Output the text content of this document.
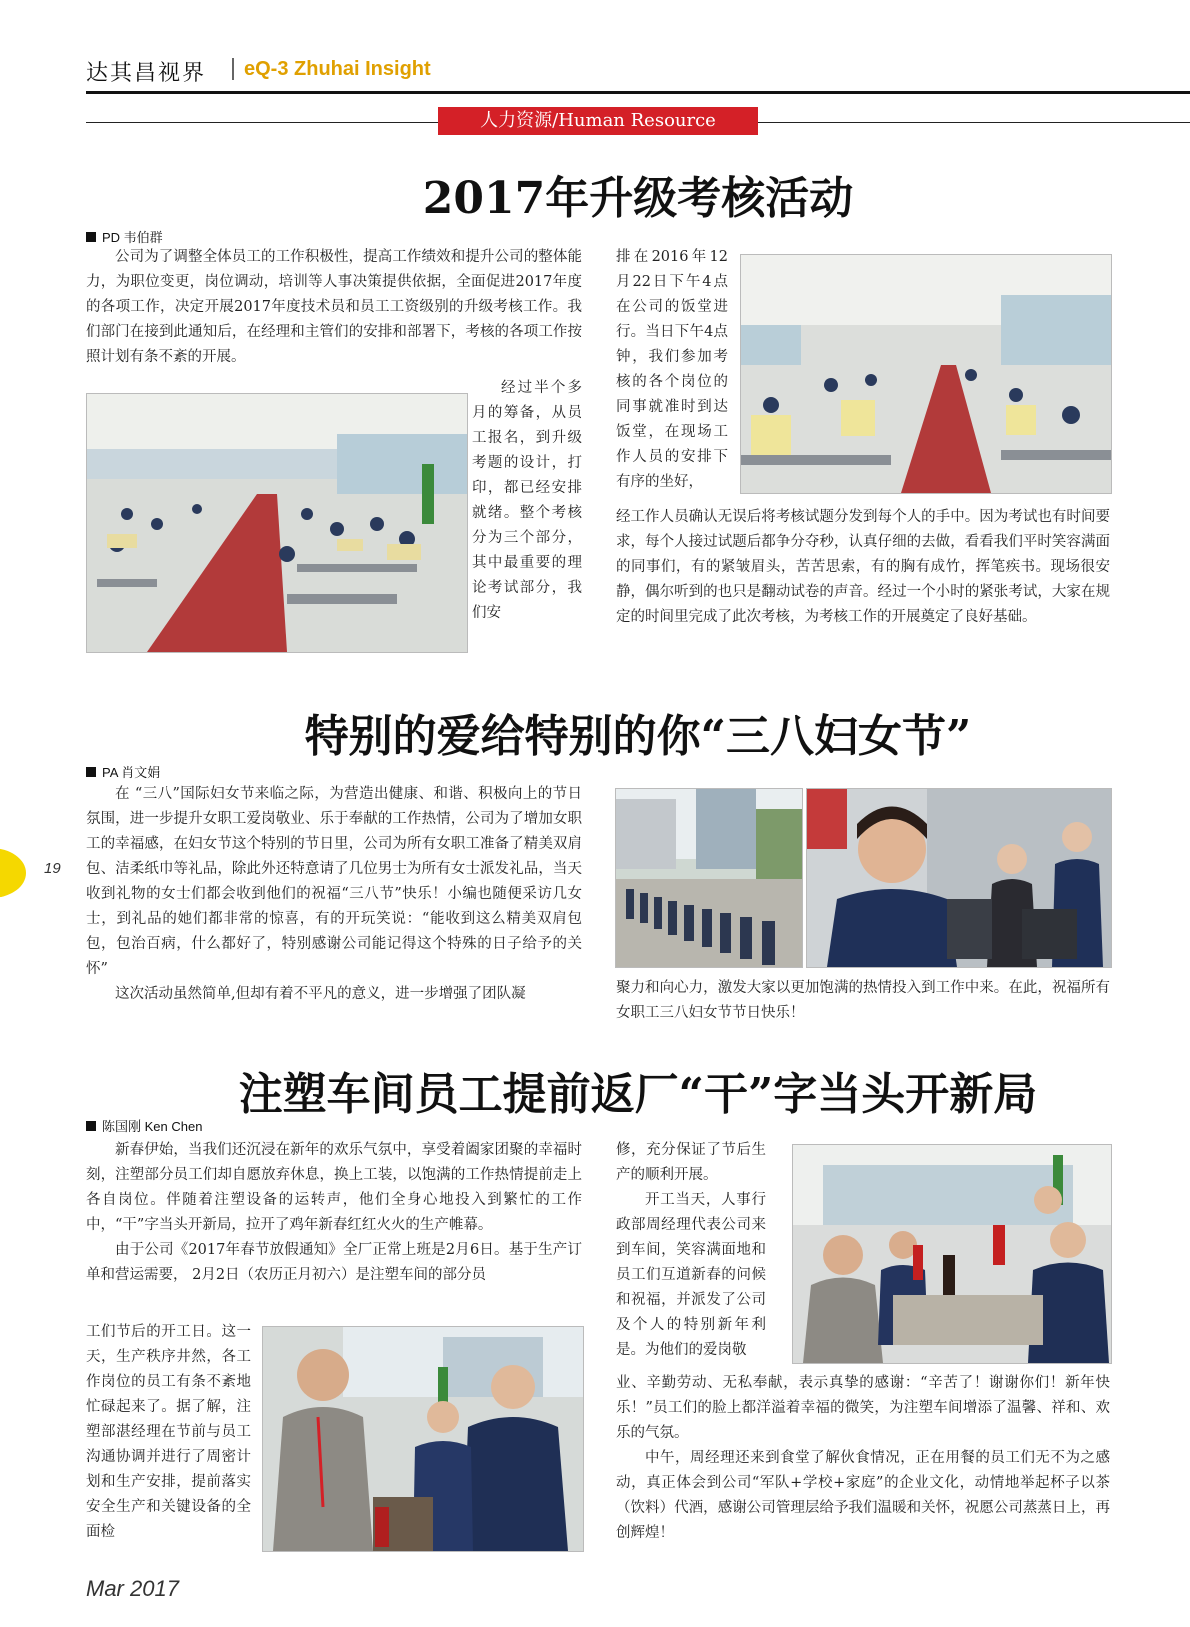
达其昌视界 eQ-3 Zhuhai Insight
人力资源/Human Resource
2017年升级考核活动
PD 韦伯群

公司为了调整全体员工的工作积极性，提高工作绩效和提升公司的整体能力，为职位变更，岗位调动，培训等人事决策提供依据，全面促进2017年度的各项工作，决定开展2017年度技术员和员工工资级别的升级考核工作。我们部门在接到此通知后，在经理和主管们的安排和部署下，考核的各项工作按照计划有条不紊的开展。

经过半个多月的筹备，从员工报名，到升级考题的设计，打印，都已经安排就绪。整个考核分为三个部分，其中最重要的理论考试部分，我们安

排在2016年12月22日下午4点在公司的饭堂进行。当日下午4点钟，我们参加考核的各个岗位的同事就准时到达饭堂，在现场工作人员的安排下有序的坐好，

经工作人员确认无误后将考核试题分发到每个人的手中。因为考试也有时间要求，每个人接过试题后都争分夺秒，认真仔细的去做，看看我们平时笑容满面的同事们，有的紧皱眉头，苦苦思索，有的胸有成竹，挥笔疾书。现场很安静，偶尔听到的也只是翻动试卷的声音。经过一个小时的紧张考试，大家在规定的时间里完成了此次考核，为考核工作的开展奠定了良好基础。

特别的爱给特别的你“三八妇女节”
PA 肖文娟

在 “三八”国际妇女节来临之际，为营造出健康、和谐、积极向上的节日氛围，进一步提升女职工爱岗敬业、乐于奉献的工作热情，公司为了增加女职工的幸福感，在妇女节这个特别的节日里，公司为所有女职工准备了精美双肩包、洁柔纸巾等礼品，除此外还特意请了几位男士为所有女士派发礼品，当天收到礼物的女士们都会收到他们的祝福“三八节”快乐！小编也随便采访几女士，到礼品的她们都非常的惊喜，有的开玩笑说：“能收到这么精美双肩包包，包治百病，什么都好了，特别感谢公司能记得这个特殊的日子给予的关怀”

这次活动虽然简单,但却有着不平凡的意义，进一步增强了团队凝	聚力和向心力，激发大家以更加饱满的热情投入到工作中来。在此，祝福所有女职工三八妇女节节日快乐！

注塑车间员工提前返厂“干”字当头开新局
陈国刚 Ken Chen

新春伊始，当我们还沉浸在新年的欢乐气氛中，享受着阖家团聚的幸福时刻，注塑部分员工们却自愿放弃休息，换上工装，以饱满的工作热情提前走上各自岗位。伴随着注塑设备的运转声，他们全身心地投入到繁忙的工作中，“干”字当头开新局，拉开了鸡年新春红红火火的生产帷幕。

由于公司《2017年春节放假通知》全厂正常上班是2月6日。基于生产订单和营运需要， 2月2日（农历正月初六）是注塑车间的部分员

工们节后的开工日。这一天，生产秩序井然，各工作岗位的员工有条不紊地忙碌起来了。据了解，注塑部湛经理在节前与员工沟通协调并进行了周密计划和生产安排，提前落实安全生产和关键设备的全面检

修，充分保证了节后生产的顺利开展。

开工当天，人事行政部周经理代表公司来到车间，笑容满面地和员工们互道新春的问候和祝福，并派发了公司及个人的特别新年利是。为他们的爱岗敬

业、辛勤劳动、无私奉献，表示真挚的感谢：“辛苦了！谢谢你们！新年快乐！”员工们的脸上都洋溢着幸福的微笑，为注塑车间增添了温馨、祥和、欢乐的气氛。

中午，周经理还来到食堂了解伙食情况，正在用餐的员工们无不为之感动，真正体会到公司“军队+学校+家庭”的企业文化，动情地举起杯子以茶（饮料）代酒，感谢公司管理层给予我们温暖和关怀，祝愿公司蒸蒸日上，再创辉煌！

19
Mar 2017
